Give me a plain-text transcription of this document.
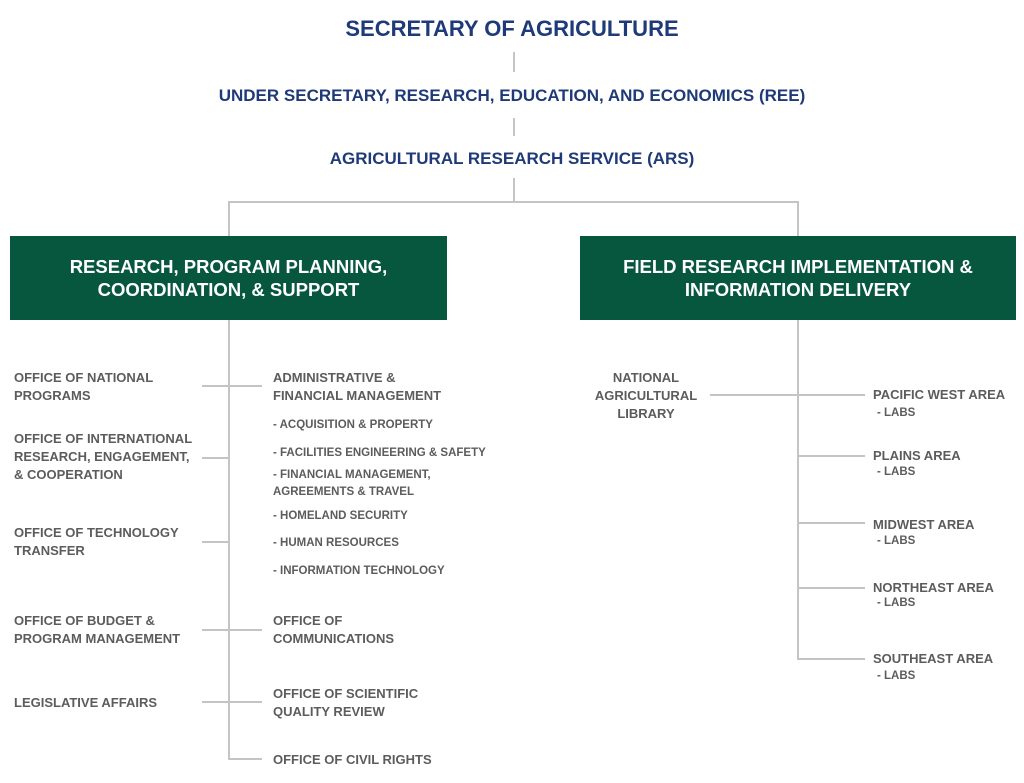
SECRETARY OF AGRICULTURE
UNDER SECRETARY, RESEARCH, EDUCATION, AND ECONOMICS (REE)
AGRICULTURAL RESEARCH SERVICE (ARS)
RESEARCH, PROGRAM PLANNING,
COORDINATION, & SUPPORT
FIELD RESEARCH IMPLEMENTATION &
INFORMATION DELIVERY
OFFICE OF NATIONAL
PROGRAMS
OFFICE OF INTERNATIONAL
RESEARCH, ENGAGEMENT,
& COOPERATION
OFFICE OF TECHNOLOGY
TRANSFER
OFFICE OF BUDGET &
PROGRAM MANAGEMENT
LEGISLATIVE AFFAIRS
ADMINISTRATIVE &
FINANCIAL MANAGEMENT
- ACQUISITION & PROPERTY
- FACILITIES ENGINEERING & SAFETY
- FINANCIAL MANAGEMENT,
AGREEMENTS & TRAVEL
- HOMELAND SECURITY
- HUMAN RESOURCES
- INFORMATION TECHNOLOGY
OFFICE OF
COMMUNICATIONS
OFFICE OF SCIENTIFIC
QUALITY REVIEW
OFFICE OF CIVIL RIGHTS
NATIONAL
AGRICULTURAL
LIBRARY
PACIFIC WEST AREA
- LABS
PLAINS AREA
- LABS
MIDWEST AREA
- LABS
NORTHEAST AREA
- LABS
SOUTHEAST AREA
- LABS
